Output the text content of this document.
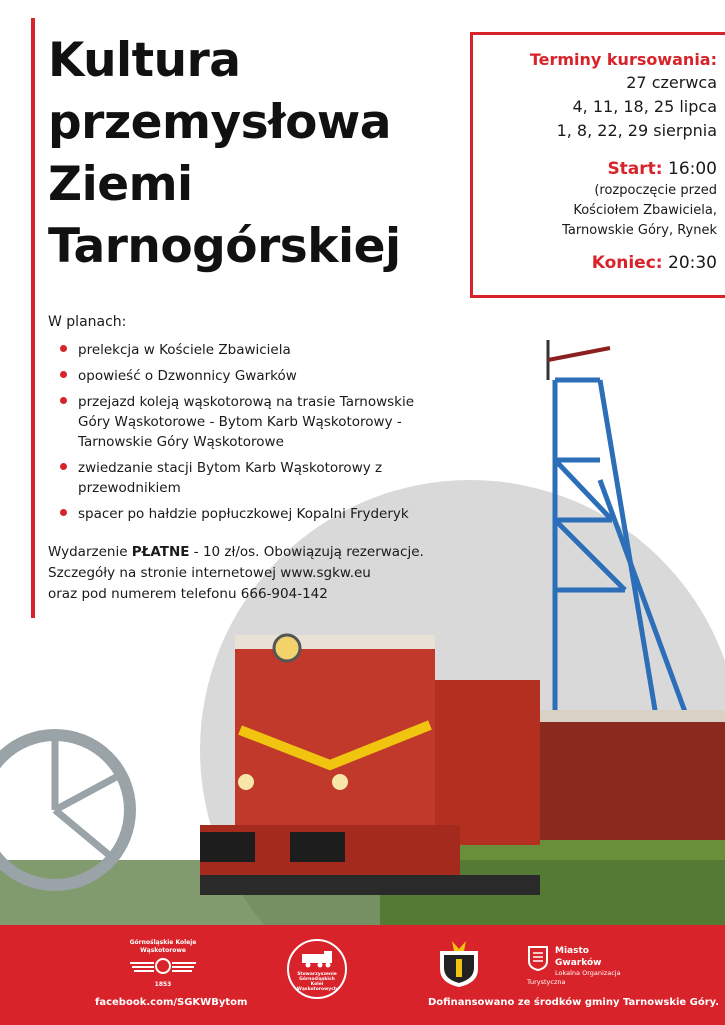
Kultura
przemysłowa
Ziemi
Tarnogórskiej
Terminy kursowania:
27 czerwca
4, 11, 18, 25 lipca
1, 8, 22, 29 sierpnia
Start: 16:00
(rozpoczęcie przed
Kościołem Zbawiciela,
Tarnowskie Góry, Rynek
Koniec: 20:30
W planach:
prelekcja w Kościele Zbawiciela
opowieść o Dzwonnicy Gwarków
przejazd koleją wąskotorową na trasie Tarnowskie Góry Wąskotorowe - Bytom Karb Wąskotorowy - Tarnowskie Góry Wąskotorowe
zwiedzanie stacji Bytom Karb Wąskotorowy z przewodnikiem
spacer po hałdzie popłuczkowej Kopalni Fryderyk
Wydarzenie PŁATNE - 10 zł/os. Obowiązują rezerwacje.
Szczegóły na stronie internetowej www.sgkw.eu
oraz pod numerem telefonu 666-904-142
Górnośląskie Koleje Wąskotorowe
1853
Stowarzyszenie Górnośląskich Kolei Wąskotorowych
Miasto Gwarków
Lokalna Organizacja Turystyczna
facebook.com/SGKWBytom	Dofinansowano ze środków gminy Tarnowskie Góry.
